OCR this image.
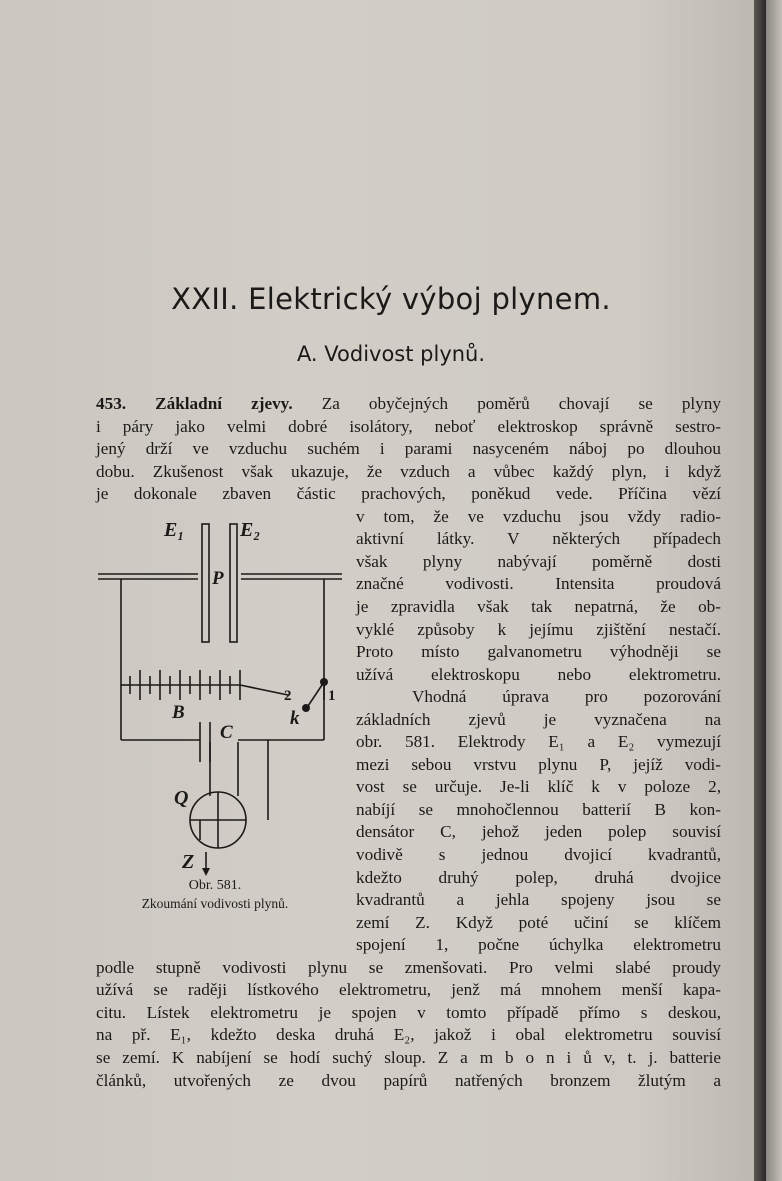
XXII. Elektrický výboj plynem.
A. Vodivost plynů.
453. Základní zjevy. Za obyčejných poměrů chovají se plyny
i páry jako velmi dobré isolátory, neboť elektroskop správně sestro-
jený drží ve vzduchu suchém i parami nasyceném náboj po dlouhou
dobu. Zkušenost však ukazuje, že vzduch a vůbec každý plyn, i když
je dokonale zbaven částic prachových, poněkud vede. Příčina vězí
v tom, že ve vzduchu jsou vždy radio-
aktivní látky. V některých případech
však plyny nabývají poměrně dosti
značné vodivosti. Intensita proudová
je zpravidla však tak nepatrná, že ob-
vyklé způsoby k jejímu zjištění nestačí.
Proto místo galvanometru výhodněji se
užívá elektroskopu nebo elektrometru.
Vhodná úprava pro pozorování
základních zjevů je vyznačena na
obr. 581. Elektrody E₁ a E₂ vymezují
mezi sebou vrstvu plynu P, jejíž vodi-
vost se určuje. Je-li klíč k v poloze 2,
nabíjí se mnohočlennou batterií B kon-
densátor C, jehož jeden polep souvisí
vodivě s jednou dvojicí kvadrantů,
kdežto druhý polep, druhá dvojice
kvadrantů a jehla spojeny jsou se
zemí Z. Když poté učiní se klíčem
spojení 1, počne úchylka elektrometru
podle stupně vodivosti plynu se zmenšovati. Pro velmi slabé proudy
užívá se raději lístkového elektrometru, jenž má mnohem menší kapa-
citu. Lístek elektrometru je spojen v tomto případě přímo s deskou,
na př. E₁, kdežto deska druhá E₂, jakož i obal elektrometru souvisí
se zemí. K nabíjení se hodí suchý sloup. Z a m b o n i ů v, t. j. batterie
článků, utvořených ze dvou papírů natřených bronzem žlutým a
E₁	E₂
P
B
C
k
2 1
Q
Z
Obr. 581.
Zkoumání vodivosti plynů.
